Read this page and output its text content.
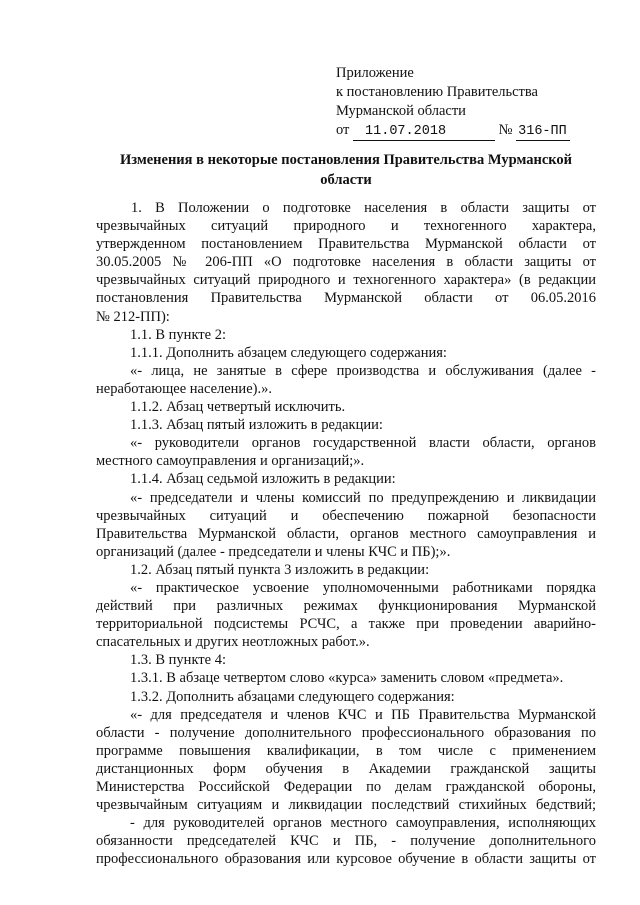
Приложение
к постановлению Правительства
Мурманской области
от 11.07.2018	№ 316-ПП
Изменения в некоторые постановления Правительства Мурманской
области

1. В Положении о подготовке населения в области защиты от

чрезвычайных ситуаций природного и техногенного характера,

утвержденном постановлением Правительства Мурманской области от

30.05.2005 № 206-ПП «О подготовке населения в области защиты от

чрезвычайных ситуаций природного и техногенного характера» (в редакции

постановления Правительства Мурманской области от 06.05.2016

№ 212-ПП):

1.1. В пункте 2:

1.1.1. Дополнить абзацем следующего содержания:

«- лица, не занятые в сфере производства и обслуживания (далее -

неработающее население).».

1.1.2. Абзац четвертый исключить.

1.1.3. Абзац пятый изложить в редакции:

«- руководители органов государственной власти области, органов

местного самоуправления и организаций;».

1.1.4. Абзац седьмой изложить в редакции:

«- председатели и члены комиссий по предупреждению и ликвидации

чрезвычайных ситуаций и обеспечению пожарной безопасности

Правительства Мурманской области, органов местного самоуправления и

организаций (далее - председатели и члены КЧС и ПБ);».

1.2. Абзац пятый пункта 3 изложить в редакции:

«- практическое усвоение уполномоченными работниками порядка

действий при различных режимах функционирования Мурманской

территориальной подсистемы РСЧС, а также при проведении аварийно-

спасательных и других неотложных работ.».

1.3. В пункте 4:

1.3.1. В абзаце четвертом слово «курса» заменить словом «предмета».

1.3.2. Дополнить абзацами следующего содержания:

«- для председателя и членов КЧС и ПБ Правительства Мурманской

области - получение дополнительного профессионального образования по

программе повышения квалификации, в том числе с применением

дистанционных форм обучения в Академии гражданской защиты

Министерства Российской Федерации по делам гражданской обороны,

чрезвычайным ситуациям и ликвидации последствий стихийных бедствий;

- для руководителей органов местного самоуправления, исполняющих

обязанности председателей КЧС и ПБ, - получение дополнительного

профессионального образования или курсовое обучение в области защиты от
